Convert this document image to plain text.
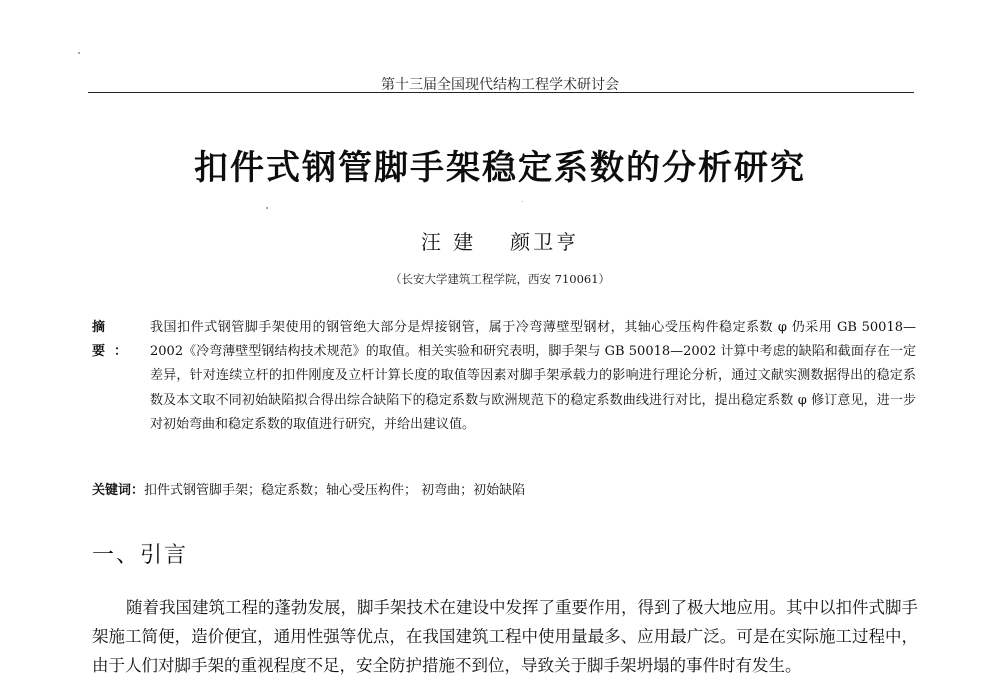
第十三届全国现代结构工程学术研讨会
扣件式钢管脚手架稳定系数的分析研究
汪 建 颜卫亨
（长安大学建筑工程学院，西安 710061）
摘 要：
我国扣件式钢管脚手架使用的钢管绝大部分是焊接钢管，属于冷弯薄壁型钢材，其轴心受压构件稳定系数 φ 仍采用 GB 50018—2002《冷弯薄壁型钢结构技术规范》的取值。相关实验和研究表明，脚手架与 GB 50018—2002 计算中考虑的缺陷和截面存在一定差异，针对连续立杆的扣件刚度及立杆计算长度的取值等因素对脚手架承载力的影响进行理论分析，通过文献实测数据得出的稳定系数及本文取不同初始缺陷拟合得出综合缺陷下的稳定系数与欧洲规范下的稳定系数曲线进行对比，提出稳定系数 φ 修订意见，进一步对初始弯曲和稳定系数的取值进行研究，并给出建议值。
关键词：扣件式钢管脚手架；稳定系数；轴心受压构件； 初弯曲；初始缺陷
一、引言
随着我国建筑工程的蓬勃发展，脚手架技术在建设中发挥了重要作用，得到了极大地应用。其中以扣件式脚手架施工简便，造价便宜，通用性强等优点，在我国建筑工程中使用量最多、应用最广泛。可是在实际施工过程中，由于人们对脚手架的重视程度不足，安全防护措施不到位，导致关于脚手架坍塌的事件时有发生。
